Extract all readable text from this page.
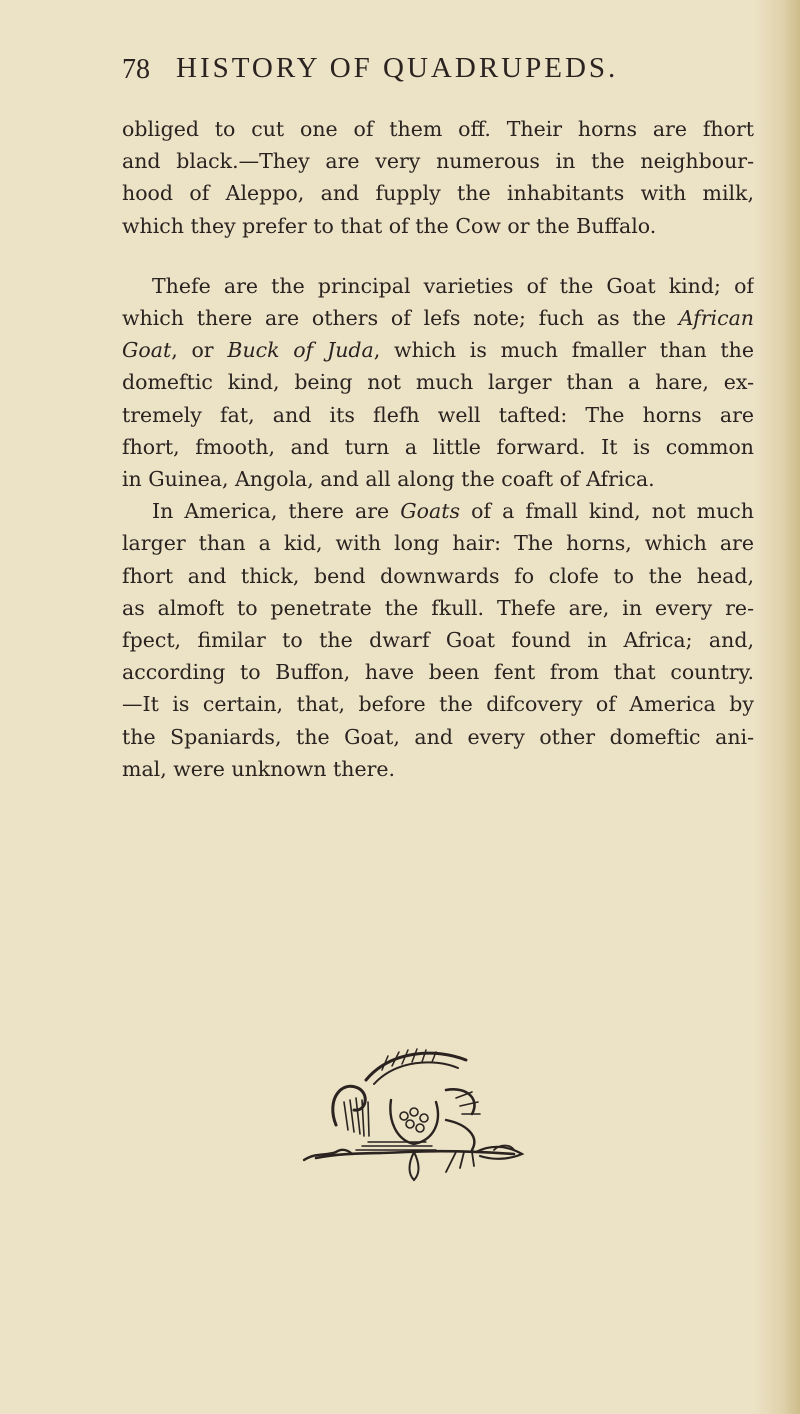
78 HISTORY OF QUADRUPEDS.

obliged to cut one of them off. Their horns are fhort

and black.—They are very numerous in the neighbour-

hood of Aleppo, and fupply the inhabitants with milk,

which they prefer to that of the Cow or the Buffalo.

Thefe are the principal varieties of the Goat kind; of

which there are others of lefs note; fuch as the African

Goat, or Buck of Juda, which is much fmaller than the

domeftic kind, being not much larger than a hare, ex-

tremely fat, and its flefh well tafted: The horns are

fhort, fmooth, and turn a little forward. It is common

in Guinea, Angola, and all along the coaft of Africa.

In America, there are Goats of a fmall kind, not much

larger than a kid, with long hair: The horns, which are

fhort and thick, bend downwards fo clofe to the head,

as almoft to penetrate the fkull. Thefe are, in every re-

fpect, fimilar to the dwarf Goat found in Africa; and,

according to Buffon, have been fent from that country.

—It is certain, that, before the difcovery of America by

the Spaniards, the Goat, and every other domeftic ani-

mal, were unknown there.
